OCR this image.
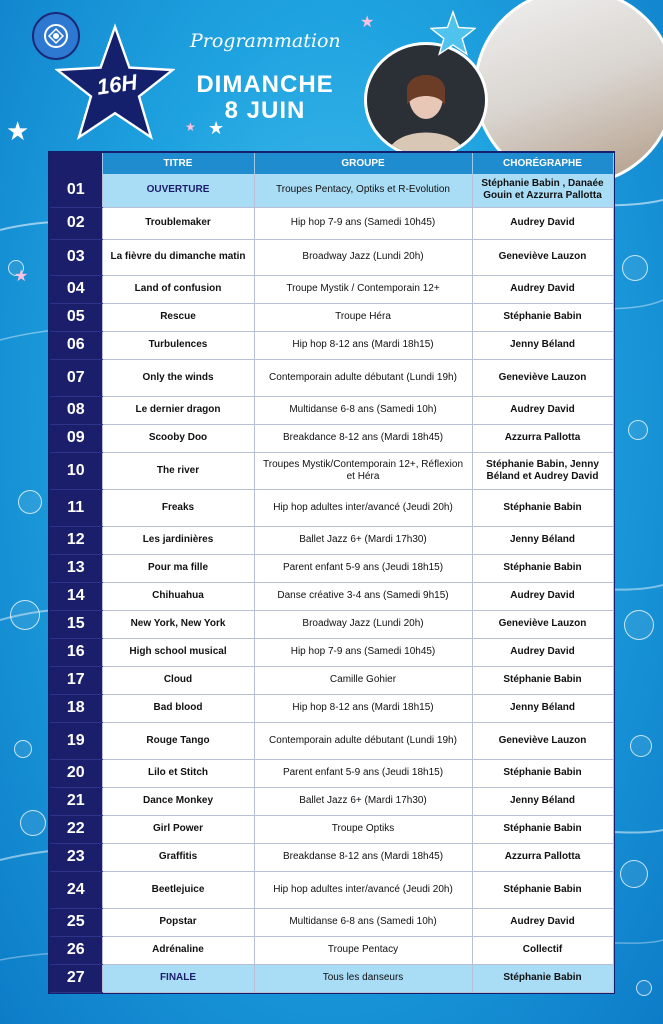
16H
Programmation
DIMANCHE
8 JUIN
★
★ ★
★
★
	TITRE	GROUPE	CHORÉGRAPHE
01	OUVERTURE	Troupes Pentacy, Optiks et R-Evolution	Stéphanie Babin , Danaée Gouin et Azzurra Pallotta
02	Troublemaker	Hip hop 7-9 ans (Samedi 10h45)	Audrey David
03	La fièvre du dimanche matin	Broadway Jazz (Lundi 20h)	Geneviève Lauzon
04	Land of confusion	Troupe Mystik / Contemporain 12+	Audrey David
05	Rescue	Troupe Héra	Stéphanie Babin
06	Turbulences	Hip hop 8-12 ans (Mardi 18h15)	Jenny Béland
07	Only the winds	Contemporain adulte débutant (Lundi 19h)	Geneviève Lauzon
08	Le dernier dragon	Multidanse 6-8 ans (Samedi 10h)	Audrey David
09	Scooby Doo	Breakdance 8-12 ans (Mardi 18h45)	Azzurra Pallotta
10	The river	Troupes Mystik/Contemporain 12+, Réflexion et Héra	Stéphanie Babin, Jenny Béland et Audrey David
11	Freaks	Hip hop adultes inter/avancé (Jeudi 20h)	Stéphanie Babin
12	Les jardinières	Ballet Jazz 6+ (Mardi 17h30)	Jenny Béland
13	Pour ma fille	Parent enfant 5-9 ans (Jeudi 18h15)	Stéphanie Babin
14	Chihuahua	Danse créative 3-4 ans (Samedi 9h15)	Audrey David
15	New York, New York	Broadway Jazz (Lundi 20h)	Geneviève Lauzon
16	High school musical	Hip hop 7-9 ans (Samedi 10h45)	Audrey David
17	Cloud	Camille Gohier	Stéphanie Babin
18	Bad blood	Hip hop 8-12 ans (Mardi 18h15)	Jenny Béland
19	Rouge Tango	Contemporain adulte débutant (Lundi 19h)	Geneviève Lauzon
20	Lilo et Stitch	Parent enfant 5-9 ans (Jeudi 18h15)	Stéphanie Babin
21	Dance Monkey	Ballet Jazz 6+ (Mardi 17h30)	Jenny Béland
22	Girl Power	Troupe Optiks	Stéphanie Babin
23	Graffitis	Breakdanse 8-12 ans (Mardi 18h45)	Azzurra Pallotta
24	Beetlejuice	Hip hop adultes inter/avancé (Jeudi 20h)	Stéphanie Babin
25	Popstar	Multidanse 6-8 ans (Samedi 10h)	Audrey David
26	Adrénaline	Troupe Pentacy	Collectif
27	FINALE	Tous les danseurs	Stéphanie Babin
